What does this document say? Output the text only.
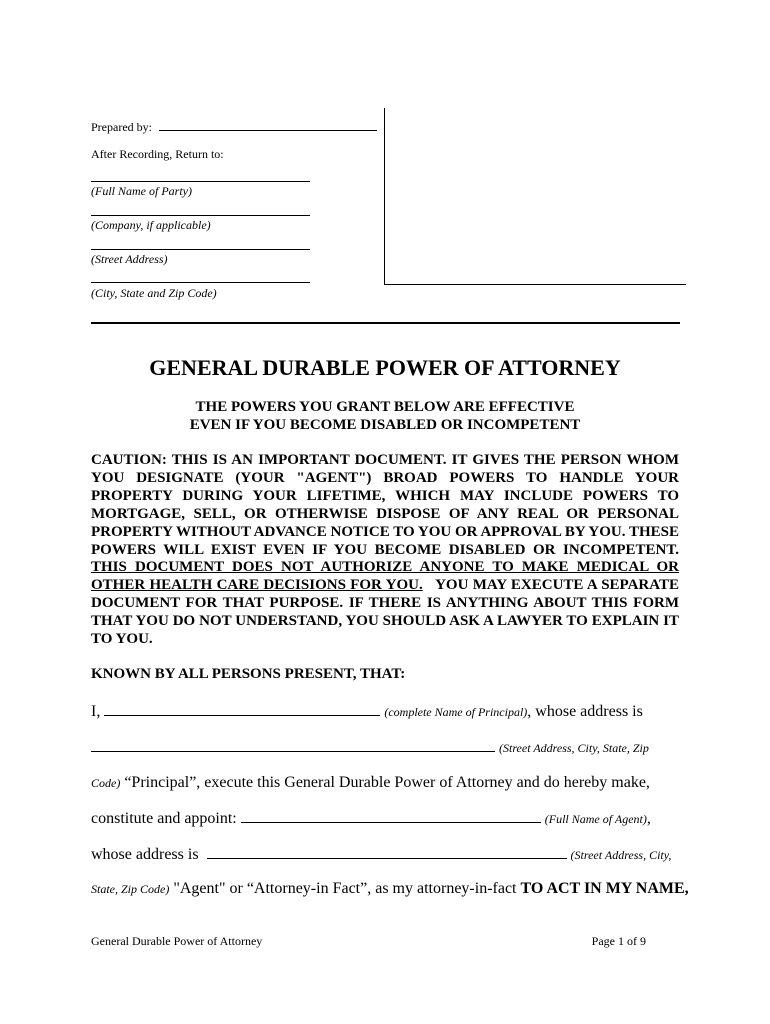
Prepared by:
After Recording, Return to:
(Full Name of Party)
(Company, if applicable)
(Street Address)
(City, State and Zip Code)
GENERAL DURABLE POWER OF ATTORNEY
THE POWERS YOU GRANT BELOW ARE EFFECTIVE
EVEN IF YOU BECOME DISABLED OR INCOMPETENT

CAUTION: THIS IS AN IMPORTANT DOCUMENT. IT GIVES THE PERSON WHOM YOU DESIGNATE (YOUR "AGENT") BROAD POWERS TO HANDLE YOUR PROPERTY DURING YOUR LIFETIME, WHICH MAY INCLUDE POWERS TO MORTGAGE, SELL, OR OTHERWISE DISPOSE OF ANY REAL OR PERSONAL PROPERTY WITHOUT ADVANCE NOTICE TO YOU OR APPROVAL BY YOU. THESE POWERS WILL EXIST EVEN IF YOU BECOME DISABLED OR INCOMPETENT. THIS DOCUMENT DOES NOT AUTHORIZE ANYONE TO MAKE MEDICAL OR OTHER HEALTH CARE DECISIONS FOR YOU. YOU MAY EXECUTE A SEPARATE DOCUMENT FOR THAT PURPOSE. IF THERE IS ANYTHING ABOUT THIS FORM THAT YOU DO NOT UNDERSTAND, YOU SHOULD ASK A LAWYER TO EXPLAIN IT TO YOU.

KNOWN BY ALL PERSONS PRESENT, THAT:
I,	(complete Name of Principal), whose address is
(Street Address, City, State, Zip
Code) “Principal”, execute this General Durable Power of Attorney and do hereby make,
constitute and appoint:	(Full Name of Agent),
whose address is	(Street Address, City,
State, Zip Code) "Agent" or “Attorney-in Fact”, as my attorney-in-fact TO ACT IN MY NAME,
General Durable Power of Attorney	Page 1 of 9
